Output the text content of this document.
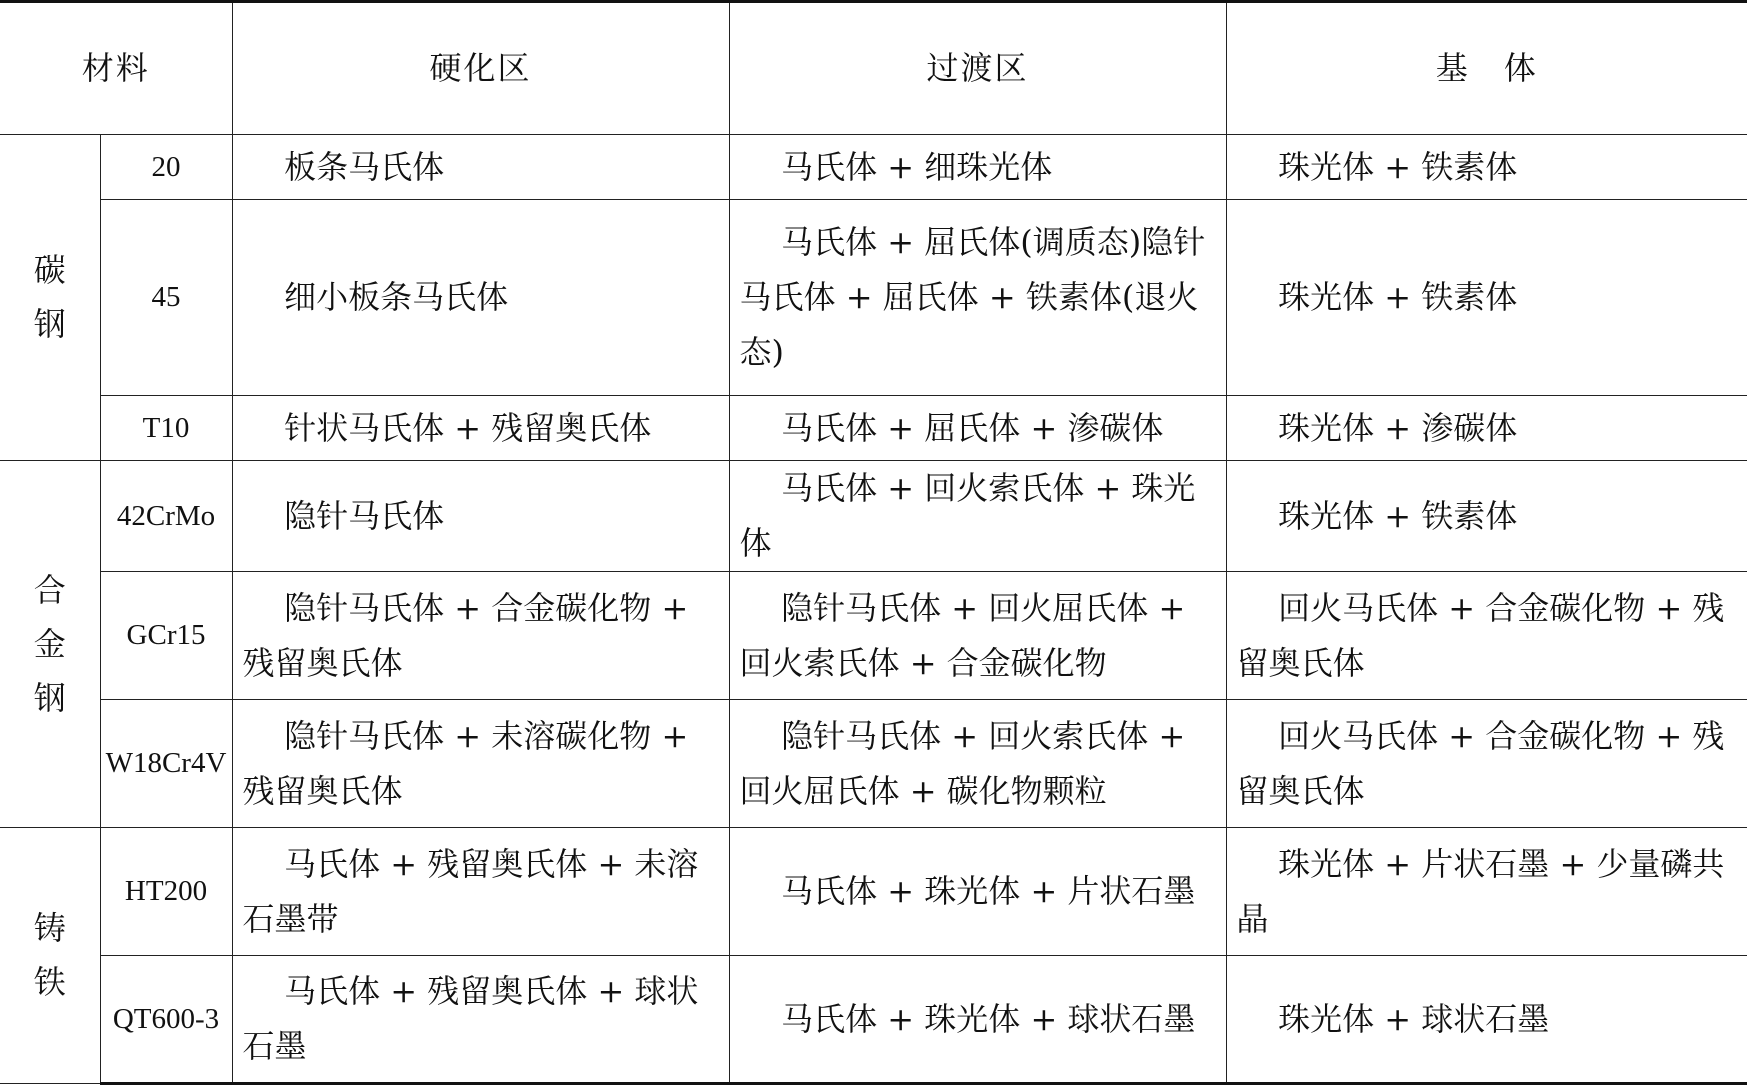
材料		硬化区	过渡区	基　体
碳钢	20	板条马氏体	马氏体 + 细珠光体	珠光体 + 铁素体
	45	细小板条马氏体	马氏体 + 屈氏体(调质态)隐针马氏体 + 屈氏体 + 铁素体(退火态)	珠光体 + 铁素体
	T10	针状马氏体 + 残留奥氏体	马氏体 + 屈氏体 + 渗碳体	珠光体 + 渗碳体
合金钢	42CrMo	隐针马氏体	马氏体 + 回火索氏体 + 珠光体	珠光体 + 铁素体
	GCr15	隐针马氏体 + 合金碳化物 + 残留奥氏体	隐针马氏体 + 回火屈氏体 + 回火索氏体 + 合金碳化物	回火马氏体 + 合金碳化物 + 残留奥氏体
	W18Cr4V	隐针马氏体 + 未溶碳化物 + 残留奥氏体	隐针马氏体 + 回火索氏体 + 回火屈氏体 + 碳化物颗粒	回火马氏体 + 合金碳化物 + 残留奥氏体
铸铁	HT200	马氏体 + 残留奥氏体 + 未溶石墨带	马氏体 + 珠光体 + 片状石墨	珠光体 + 片状石墨 + 少量磷共晶
	QT600-3	马氏体 + 残留奥氏体 + 球状石墨	马氏体 + 珠光体 + 球状石墨	珠光体 + 球状石墨
